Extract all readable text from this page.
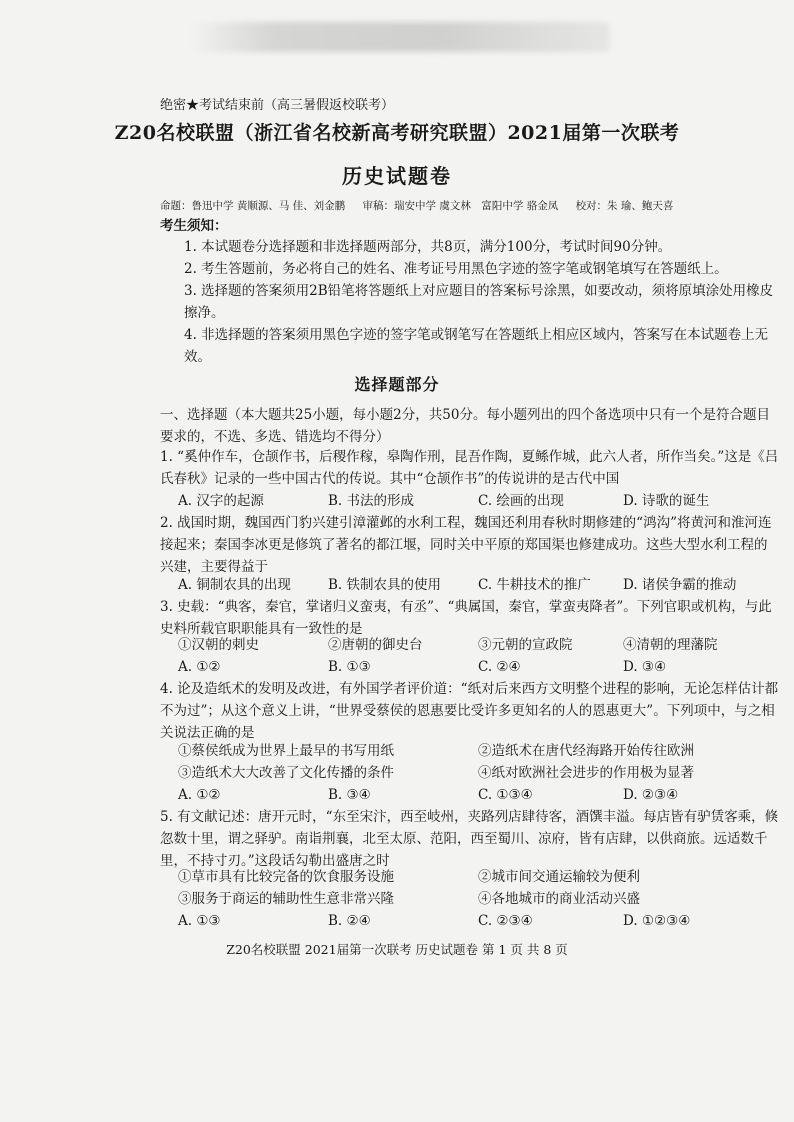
绝密★考试结束前（高三暑假返校联考）
Z20名校联盟（浙江省名校新高考研究联盟）2021届第一次联考
历史试题卷
命题：鲁迅中学 黄顺源、马 佳、刘金鹏 审稿：瑞安中学 虞文林　富阳中学 骆金凤 校对：朱 瑜、鲍天喜
考生须知：
1. 本试题卷分选择题和非选择题两部分，共8页，满分100分，考试时间90分钟。
2. 考生答题前，务必将自己的姓名、准考证号用黑色字迹的签字笔或钢笔填写在答题纸上。
3. 选择题的答案须用2B铅笔将答题纸上对应题目的答案标号涂黑，如要改动，须将原填涂处用橡皮擦净。
4. 非选择题的答案须用黑色字迹的签字笔或钢笔写在答题纸上相应区域内，答案写在本试题卷上无效。
选择题部分
一、选择题（本大题共25小题，每小题2分，共50分。每小题列出的四个备选项中只有一个是符合题目要求的，不选、多选、错选均不得分）
1. “奚仲作车，仓颉作书，后稷作稼，皋陶作刑，昆吾作陶，夏鲧作城，此六人者，所作当矣。”这是《吕氏春秋》记录的一些中国古代的传说。其中“仓颉作书”的传说讲的是古代中国
A. 汉字的起源	B. 书法的形成	C. 绘画的出现	D. 诗歌的诞生
2. 战国时期，魏国西门豹兴建引漳灌邺的水利工程，魏国还利用春秋时期修建的“鸿沟”将黄河和淮河连接起来；秦国李冰更是修筑了著名的都江堰，同时关中平原的郑国渠也修建成功。这些大型水利工程的兴建，主要得益于
A. 铜制农具的出现	B. 铁制农具的使用	C. 牛耕技术的推广 D. 诸侯争霸的推动
3. 史载：“典客，秦官，掌诸归义蛮夷，有丞”、“典属国，秦官，掌蛮夷降者”。下列官职或机构，与此史料所载官职职能具有一致性的是
①汉朝的刺史	②唐朝的御史台	③元朝的宣政院	④清朝的理藩院
A. ①②	B. ①③	C. ②④	D. ③④
4. 论及造纸术的发明及改进，有外国学者评价道：“纸对后来西方文明整个进程的影响，无论怎样估计都不为过”；从这个意义上讲，“世界受蔡侯的恩惠要比受许多更知名的人的恩惠更大”。下列项中，与之相关说法正确的是
①蔡侯纸成为世界上最早的书写用纸	②造纸术在唐代经海路开始传往欧洲
③造纸术大大改善了文化传播的条件	④纸对欧洲社会进步的作用极为显著
A. ①②	B. ③④	C. ①③④	D. ②③④
5. 有文献记述：唐开元时，“东至宋汴，西至岐州，夹路列店肆待客，酒馔丰溢。每店皆有驴赁客乘，倏忽数十里，谓之驿驴。南诣荆襄，北至太原、范阳，西至蜀川、凉府，皆有店肆，以供商旅。远适数千里，不持寸刃。”这段话勾勒出盛唐之时
①草市具有比较完备的饮食服务设施	②城市间交通运输较为便利
③服务于商运的辅助性生意非常兴隆	④各地城市的商业活动兴盛
A. ①③	B. ②④	C. ②③④	D. ①②③④
Z20名校联盟 2021届第一次联考 历史试题卷 第 1 页 共 8 页
